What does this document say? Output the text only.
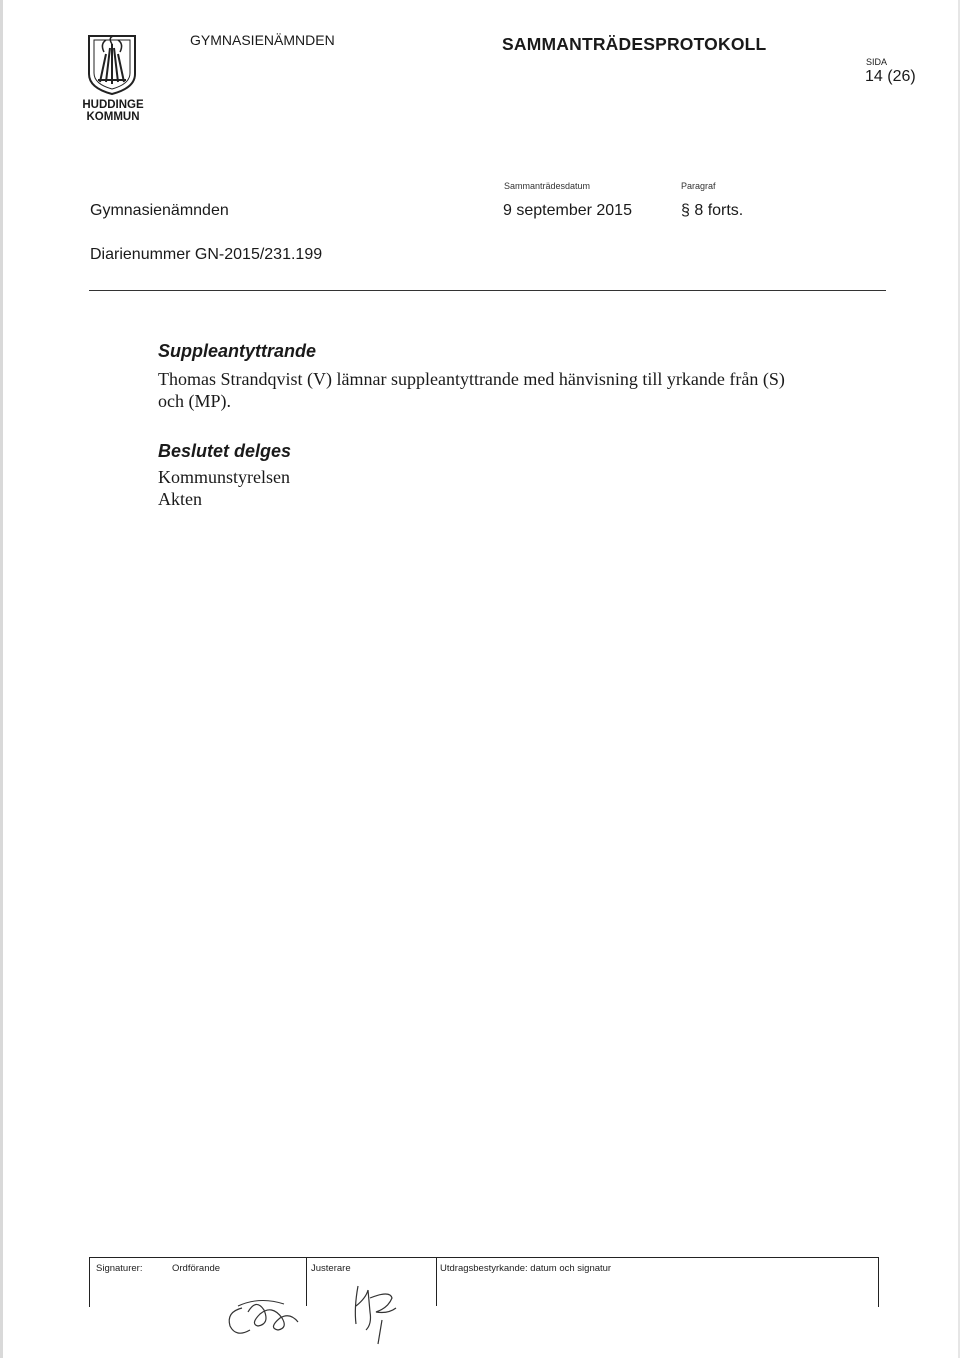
HUDDINGE
KOMMUN
GYMNASIENÄMNDEN	SAMMANTRÄDESPROTOKOLL
SIDA
14 (26)
Sammanträdesdatum	Paragraf
Gymnasienämnden	9 september 2015	§ 8 forts.
Diarienummer GN-2015/231.199
Suppleantyttrande
Thomas Strandqvist (V) lämnar suppleantyttrande med hänvisning till yrkande från (S) och (MP).
Beslutet delges
Kommunstyrelsen
Akten
Signaturer:	Ordförande	Justerare	Utdragsbestyrkande: datum och signatur
